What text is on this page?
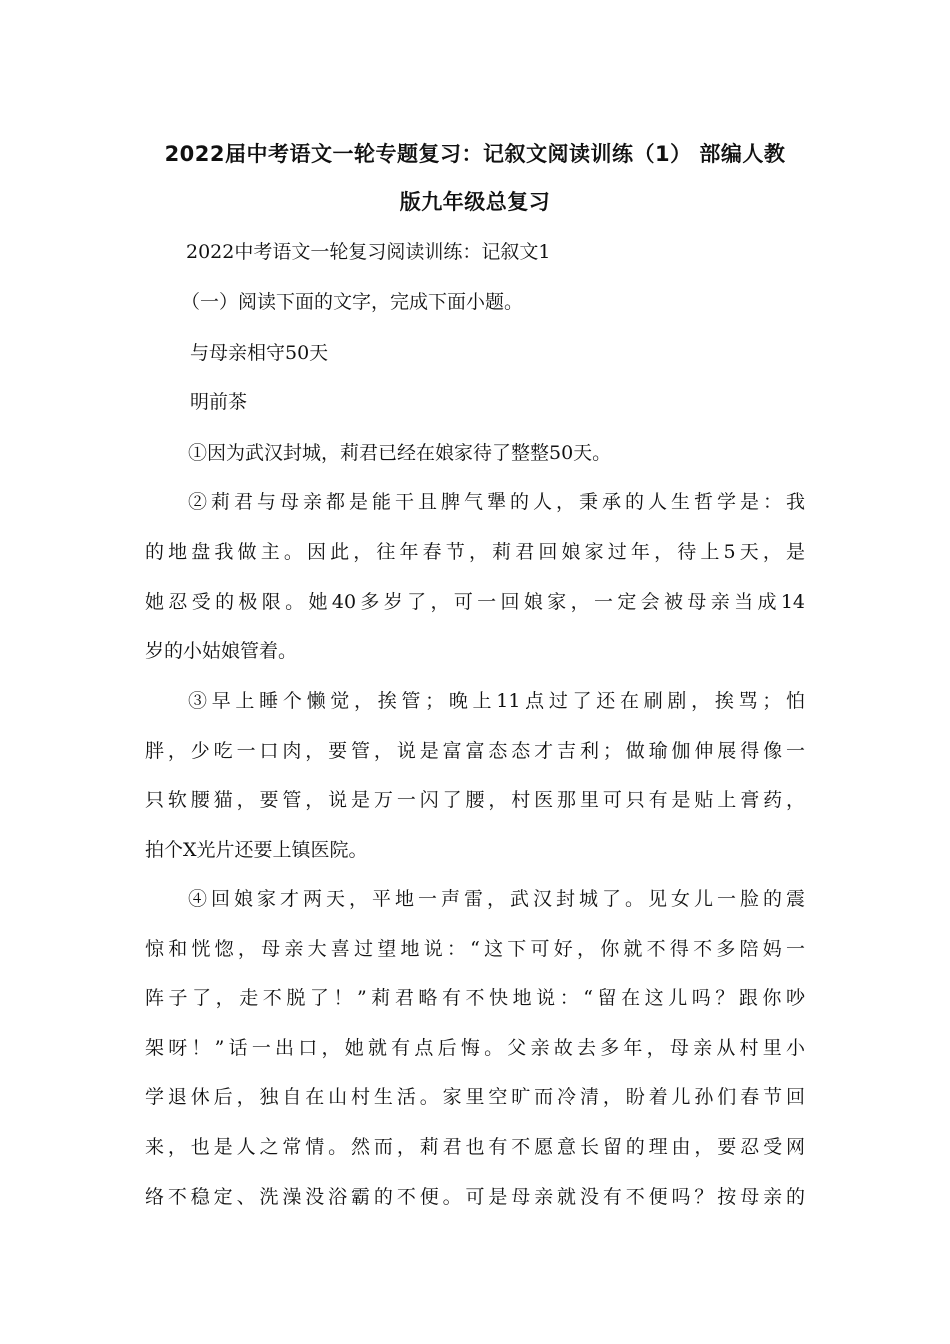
2022届中考语文一轮专题复习：记叙文阅读训练（1） 部编人教
版九年级总复习
2022中考语文一轮复习阅读训练：记叙文1
（一）阅读下面的文字，完成下面小题。
与母亲相守50天
明前茶
①因为武汉封城，莉君已经在娘家待了整整50天。
②莉君与母亲都是能干且脾气犟的人，秉承的人生哲学是：我
的地盘我做主。因此，往年春节，莉君回娘家过年，待上5天，是
她忍受的极限。她40多岁了，可一回娘家，一定会被母亲当成14
岁的小姑娘管着。
③早上睡个懒觉，挨管；晚上11点过了还在刷剧，挨骂；怕
胖，少吃一口肉，要管，说是富富态态才吉利；做瑜伽伸展得像一
只软腰猫，要管，说是万一闪了腰，村医那里可只有是贴上膏药，
拍个X光片还要上镇医院。
④回娘家才两天，平地一声雷，武汉封城了。见女儿一脸的震
惊和恍惚，母亲大喜过望地说：“这下可好，你就不得不多陪妈一
阵子了，走不脱了！”莉君略有不快地说：“留在这儿吗？跟你吵
架呀！”话一出口，她就有点后悔。父亲故去多年，母亲从村里小
学退休后，独自在山村生活。家里空旷而冷清，盼着儿孙们春节回
来，也是人之常情。然而，莉君也有不愿意长留的理由，要忍受网
络不稳定、洗澡没浴霸的不便。可是母亲就没有不便吗？按母亲的
